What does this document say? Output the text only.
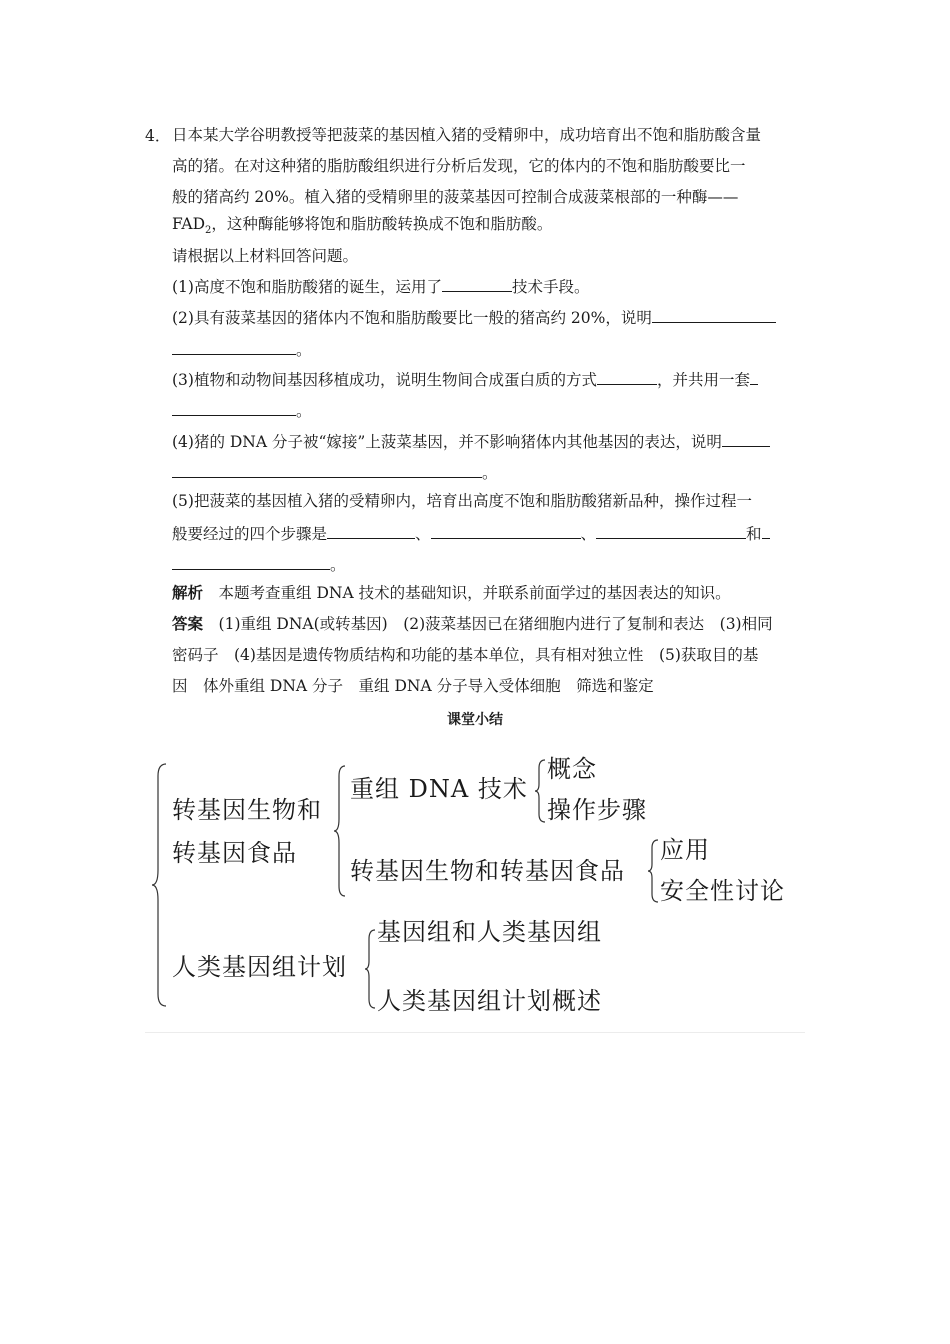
4． 日本某大学谷明教授等把菠菜的基因植入猪的受精卵中，成功培育出不饱和脂肪酸含量
高的猪。在对这种猪的脂肪酸组织进行分析后发现，它的体内的不饱和脂肪酸要比一
般的猪高约 20%。植入猪的受精卵里的菠菜基因可控制合成菠菜根部的一种酶——
$FAD_2$，这种酶能够将饱和脂肪酸转换成不饱和脂肪酸。
请根据以上材料回答问题。
(1)高度不饱和脂肪酸猪的诞生，运用了	技术手段。
(2)具有菠菜基因的猪体内不饱和脂肪酸要比一般的猪高约 20%，说明
。
(3)植物和动物间基因移植成功，说明生物间合成蛋白质的方式	，并共用一套
。
(4)猪的 DNA 分子被“嫁接”上菠菜基因，并不影响猪体内其他基因的表达，说明
。
(5)把菠菜的基因植入猪的受精卵内，培育出高度不饱和脂肪酸猪新品种，操作过程一
般要经过的四个步骤是	、	、	和
。
解析　 本题考查重组 DNA 技术的基础知识，并联系前面学过的基因表达的知识。
答案　 (1)重组 DNA(或转基因)　(2)菠菜基因已在猪细胞内进行了复制和表达　(3)相同
密码子　(4)基因是遗传物质结构和功能的基本单位，具有相对独立性　(5)获取目的基
因　体外重组 DNA 分子　重组 DNA 分子导入受体细胞　筛选和鉴定
课堂小结
转基因生物和
转基因食品
重组 DNA 技术
概念
操作步骤
转基因生物和转基因食品
应用
安全性讨论
人类基因组计划
基因组和人类基因组
人类基因组计划概述
